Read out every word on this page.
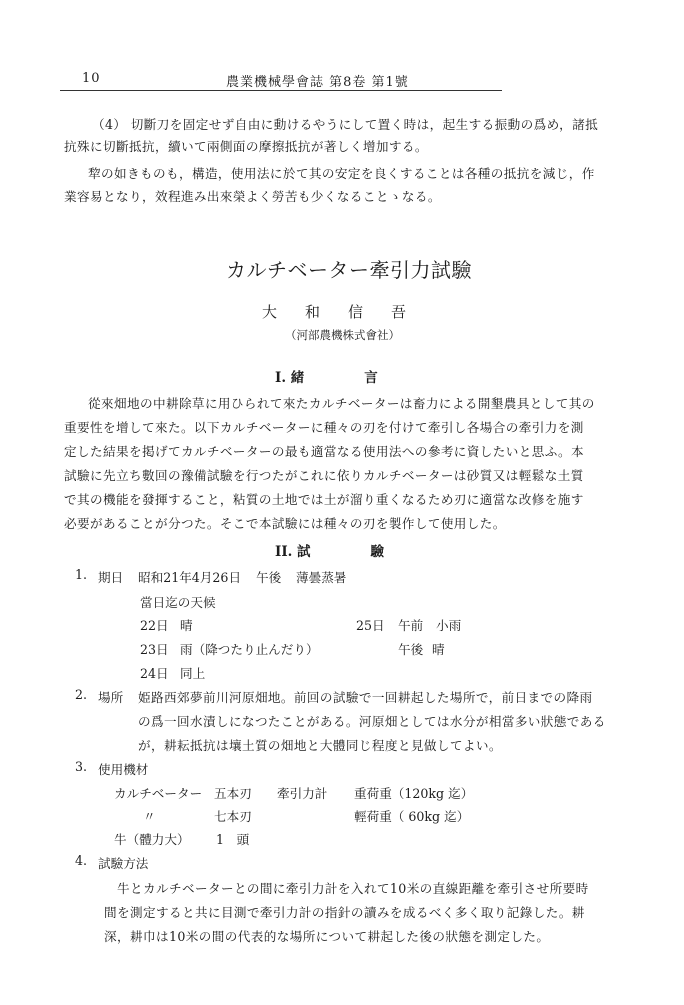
10	農業機械學會誌 第8卷 第1號
（4） 切斷刀を固定せず自由に動けるやうにして置く時は，起生する振動の爲め，諸抵
抗殊に切斷抵抗，續いて兩側面の摩擦抵抗が著しく增加する。
犂の如きものも，構造，使用法に於て其の安定を良くすることは各種の抵抗を減じ，作
業容易となり，效程進み出來榮よく勞苦も少くなることゝなる。
カルチベーター牽引力試驗
大和信吾
（河部農機株式會社）
I. 緒	言
從來畑地の中耕除草に用ひられて來たカルチベーターは畜力による開墾農具として其の
重要性を增して來た。以下カルチベーターに種々の刃を付けて牽引し各場合の牽引力を測
定した結果を掲げてカルチベーターの最も適當なる使用法への參考に資したいと思ふ。本
試驗に先立ち數回の豫備試驗を行つたがこれに依りカルチベーターは砂質又は輕鬆な土質
で其の機能を發揮すること，粘質の土地では土が溜り重くなるため刃に適當な改修を施す
必要があることが分つた。そこで本試驗には種々の刃を製作して使用した。
II. 試	驗
1. 期日 昭和21年4月26日 午後 薄曇蒸暑
當日迄の天候
22日 晴	25日 午前 小雨
23日 雨（降つたり止んだり）	午後 晴
24日 同上
2. 場所 姫路西郊夢前川河原畑地。前回の試驗で一回耕起した場所で，前日までの降雨
の爲一回水漬しになつたことがある。河原畑としては水分が相當多い狀態である
が，耕耘抵抗は壤土質の畑地と大體同じ程度と見做してよい。
3. 使用機材
カルチベーター 五本刃 牽引力計 重荷重（120kg 迄）
〃	七本刃	輕荷重（ 60kg 迄）
牛（體力大） 1　頭
4. 試驗方法
牛とカルチベーターとの間に牽引力計を入れて10米の直線距離を牽引させ所要時
間を測定すると共に目測で牽引力計の指針の讀みを成るべく多く取り記錄した。耕
深，耕巾は10米の間の代表的な場所について耕起した後の狀態を測定した。
